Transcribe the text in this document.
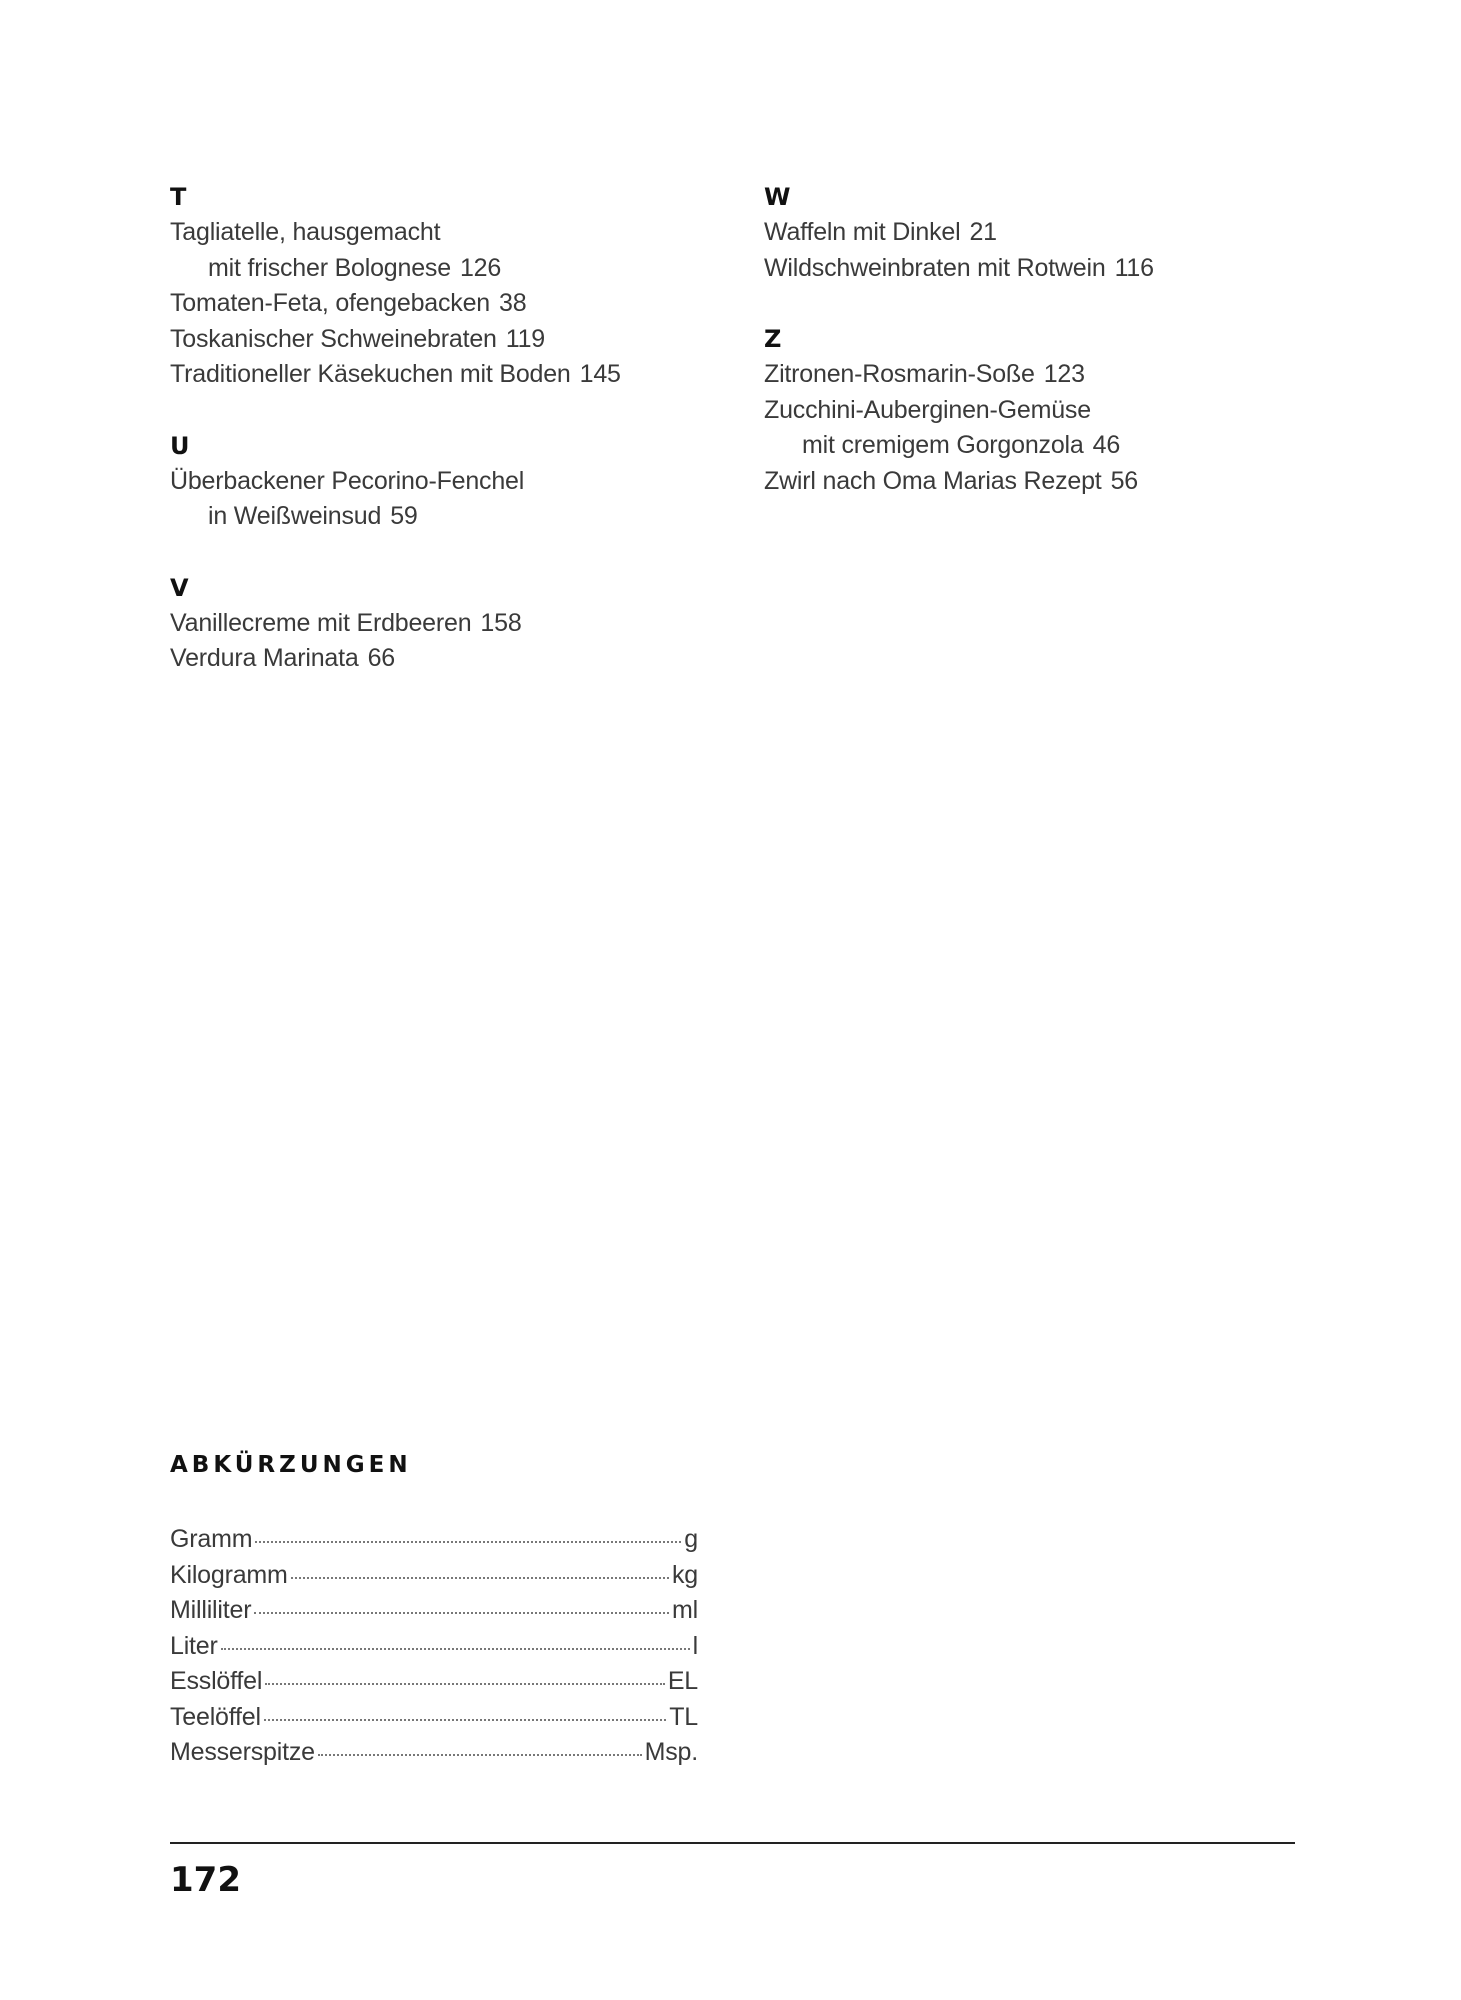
T
Tagliatelle, hausgemacht
mit frischer Bolognese 126
Tomaten-Feta, ofengebacken 38
Toskanischer Schweinebraten 119
Traditioneller Käsekuchen mit Boden 145
U
Überbackener Pecorino-Fenchel
in Weißweinsud 59
V
Vanillecreme mit Erdbeeren 158
Verdura Marinata 66
W
Waffeln mit Dinkel 21
Wildschweinbraten mit Rotwein 116
Z
Zitronen-Rosmarin-Soße 123
Zucchini-Auberginen-Gemüse
mit cremigem Gorgonzola 46
Zwirl nach Oma Marias Rezept 56
ABKÜRZUNGEN
Gramm	g
Kilogramm	kg
Milliliter	ml
Liter	l
Esslöffel	EL
Teelöffel	TL
Messerspitze	Msp.
172
